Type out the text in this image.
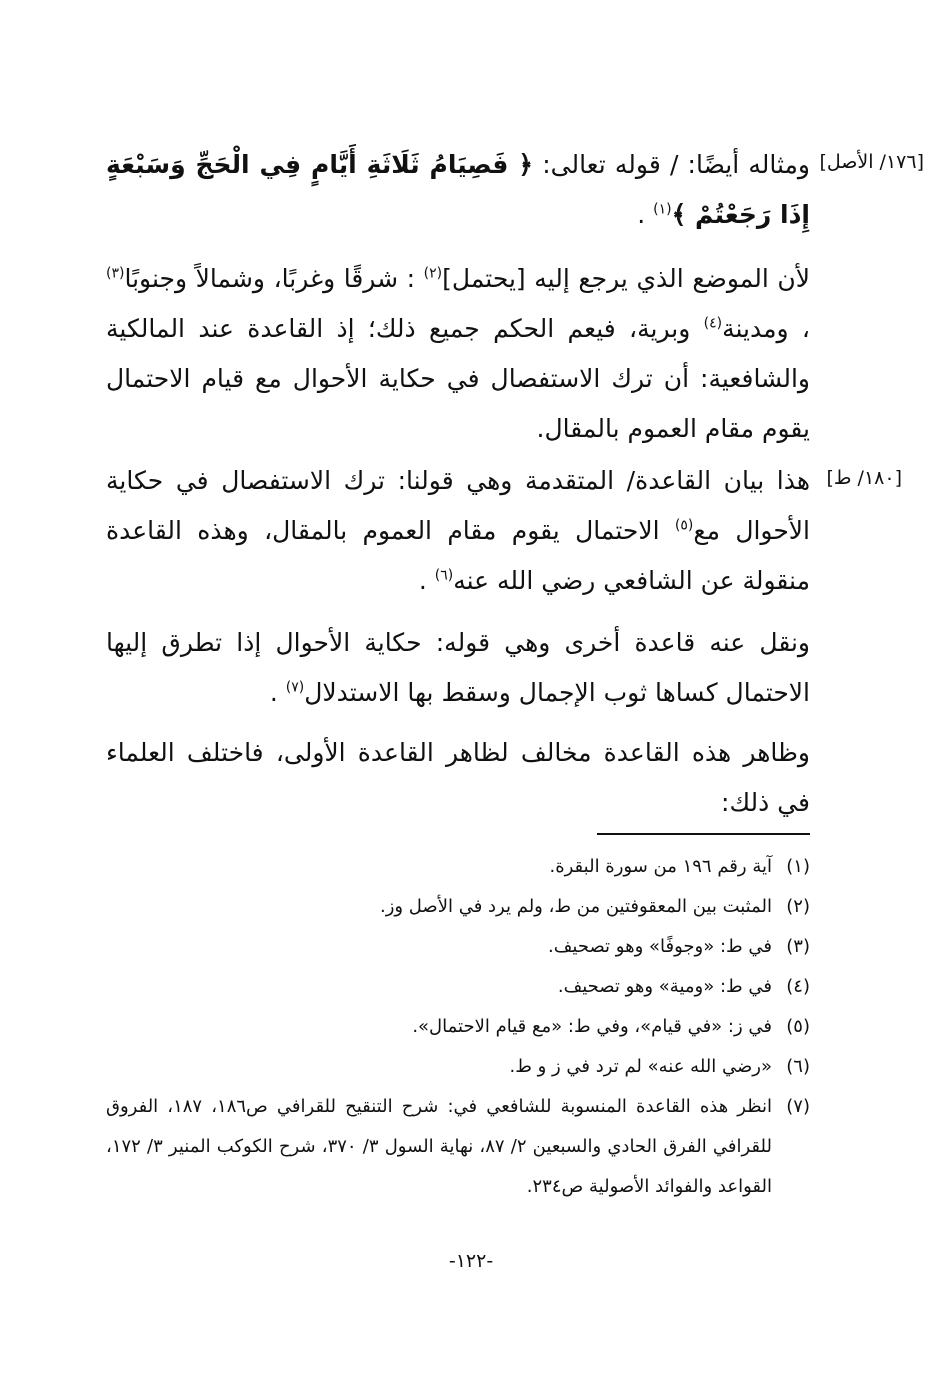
[١٧٦/ الأصل]
[١٨٠/ ط]

ومثاله أيضًا: / قوله تعالى: ﴿ فَصِيَامُ ثَلَاثَةِ أَيَّامٍ فِي الْحَجِّ وَسَبْعَةٍ إِذَا رَجَعْتُمْ ﴾$^{(١)}$ .

لأن الموضع الذي يرجع إليه [يحتمل]$^{(٢)}$ : شرقًا وغربًا، وشمالاً وجنوبًا$^{(٣)}$ ، ومدينة$^{(٤)}$ وبرية، فيعم الحكم جميع ذلك؛ إذ القاعدة عند المالكية والشافعية: أن ترك الاستفصال في حكاية الأحوال مع قيام الاحتمال يقوم مقام العموم بالمقال.

هذا بيان القاعدة/ المتقدمة وهي قولنا: ترك الاستفصال في حكاية الأحوال مع$^{(٥)}$ الاحتمال يقوم مقام العموم بالمقال، وهذه القاعدة منقولة عن الشافعي رضي الله عنه$^{(٦)}$ .

ونقل عنه قاعدة أخرى وهي قوله: حكاية الأحوال إذا تطرق إليها الاحتمال كساها ثوب الإجمال وسقط بها الاستدلال$^{(٧)}$ .

وظاهر هذه القاعدة مخالف لظاهر القاعدة الأولى، فاختلف العلماء في ذلك:

(١)
آية رقم ١٩٦ من سورة البقرة.
(٢)
المثبت بين المعقوفتين من ط، ولم يرد في الأصل وز.
(٣)
في ط: «وجوفًا» وهو تصحيف.
(٤)
في ط: «ومية» وهو تصحيف.
(٥)
في ز: «في قيام»، وفي ط: «مع قيام الاحتمال».
(٦)
«رضي الله عنه» لم ترد في ز و ط.
(٧)
انظر هذه القاعدة المنسوبة للشافعي في: شرح التنقيح للقرافي ص١٨٦، ١٨٧، الفروق للقرافي الفرق الحادي والسبعين ٢/ ٨٧، نهاية السول ٣/ ٣٧٠، شرح الكوكب المنير ٣/ ١٧٢، القواعد والفوائد الأصولية ص٢٣٤.
-١٢٢-
